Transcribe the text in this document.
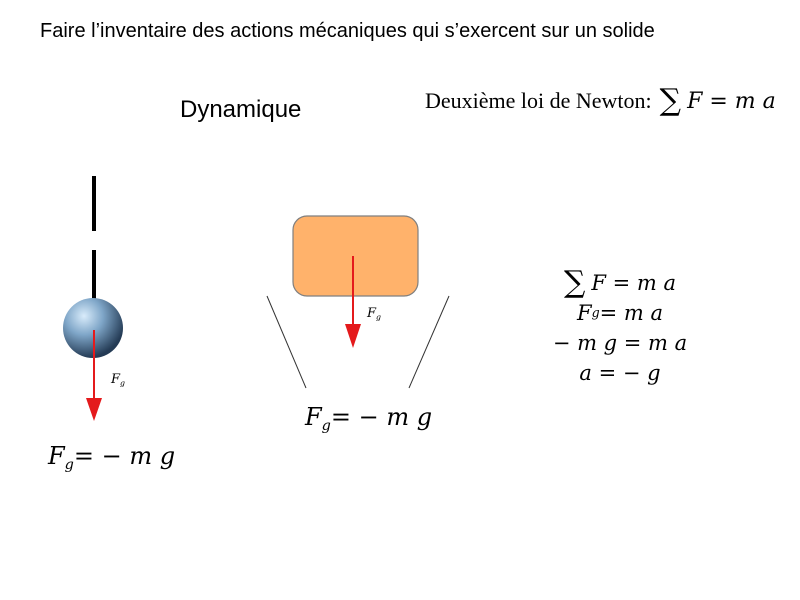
Faire l’inventaire des actions mécaniques qui s’exercent sur un solide
Dynamique	Deuxième loi de Newton: ∑ F = m a
$F_g$
$F_g$
$F_g= - m$ g
$F_g= - m$ g
∑ F = m a
F g = m a
− m g = m a
a = − g
